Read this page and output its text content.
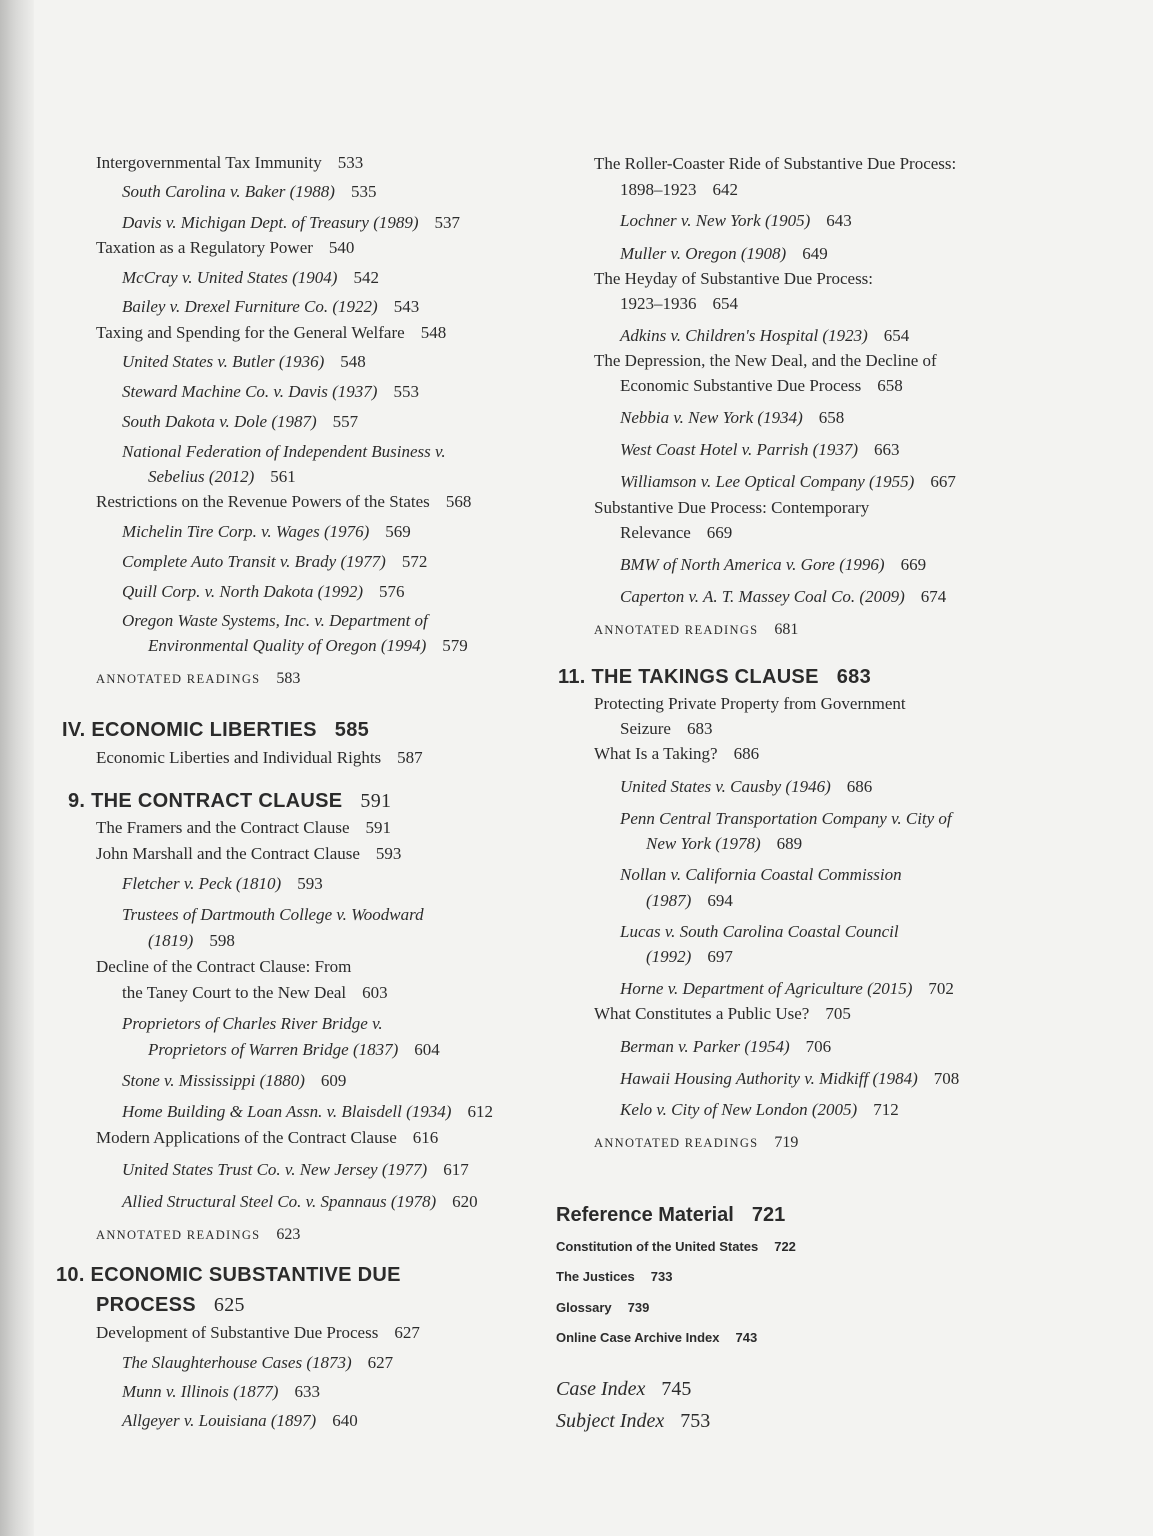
Intergovernmental Tax Immunity 533
South Carolina v. Baker (1988) 535
Davis v. Michigan Dept. of Treasury (1989) 537
Taxation as a Regulatory Power 540
McCray v. United States (1904) 542
Bailey v. Drexel Furniture Co. (1922) 543
Taxing and Spending for the General Welfare 548
United States v. Butler (1936) 548
Steward Machine Co. v. Davis (1937) 553
South Dakota v. Dole (1987) 557
National Federation of Independent Business v.
Sebelius (2012) 561
Restrictions on the Revenue Powers of the States 568
Michelin Tire Corp. v. Wages (1976) 569
Complete Auto Transit v. Brady (1977) 572
Quill Corp. v. North Dakota (1992) 576
Oregon Waste Systems, Inc. v. Department of
Environmental Quality of Oregon (1994) 579
ANNOTATED READINGS 583
IV. ECONOMIC LIBERTIES 585
Economic Liberties and Individual Rights 587
9. THE CONTRACT CLAUSE 591
The Framers and the Contract Clause 591
John Marshall and the Contract Clause 593
Fletcher v. Peck (1810) 593
Trustees of Dartmouth College v. Woodward
(1819) 598
Decline of the Contract Clause: From
the Taney Court to the New Deal 603
Proprietors of Charles River Bridge v.
Proprietors of Warren Bridge (1837) 604
Stone v. Mississippi (1880) 609
Home Building & Loan Assn. v. Blaisdell (1934) 612
Modern Applications of the Contract Clause 616
United States Trust Co. v. New Jersey (1977) 617
Allied Structural Steel Co. v. Spannaus (1978) 620
ANNOTATED READINGS 623
10. ECONOMIC SUBSTANTIVE DUE
PROCESS 625
Development of Substantive Due Process 627
The Slaughterhouse Cases (1873) 627
Munn v. Illinois (1877) 633
Allgeyer v. Louisiana (1897) 640
The Roller-Coaster Ride of Substantive Due Process:
1898–1923 642
Lochner v. New York (1905) 643
Muller v. Oregon (1908) 649
The Heyday of Substantive Due Process:
1923–1936 654
Adkins v. Children's Hospital (1923) 654
The Depression, the New Deal, and the Decline of
Economic Substantive Due Process 658
Nebbia v. New York (1934) 658
West Coast Hotel v. Parrish (1937) 663
Williamson v. Lee Optical Company (1955) 667
Substantive Due Process: Contemporary
Relevance 669
BMW of North America v. Gore (1996) 669
Caperton v. A. T. Massey Coal Co. (2009) 674
ANNOTATED READINGS 681
11. THE TAKINGS CLAUSE 683
Protecting Private Property from Government
Seizure 683
What Is a Taking? 686
United States v. Causby (1946) 686
Penn Central Transportation Company v. City of
New York (1978) 689
Nollan v. California Coastal Commission
(1987) 694
Lucas v. South Carolina Coastal Council
(1992) 697
Horne v. Department of Agriculture (2015) 702
What Constitutes a Public Use? 705
Berman v. Parker (1954) 706
Hawaii Housing Authority v. Midkiff (1984) 708
Kelo v. City of New London (2005) 712
ANNOTATED READINGS 719
Reference Material 721
Constitution of the United States 722
The Justices 733
Glossary 739
Online Case Archive Index 743
Case Index 745
Subject Index 753
